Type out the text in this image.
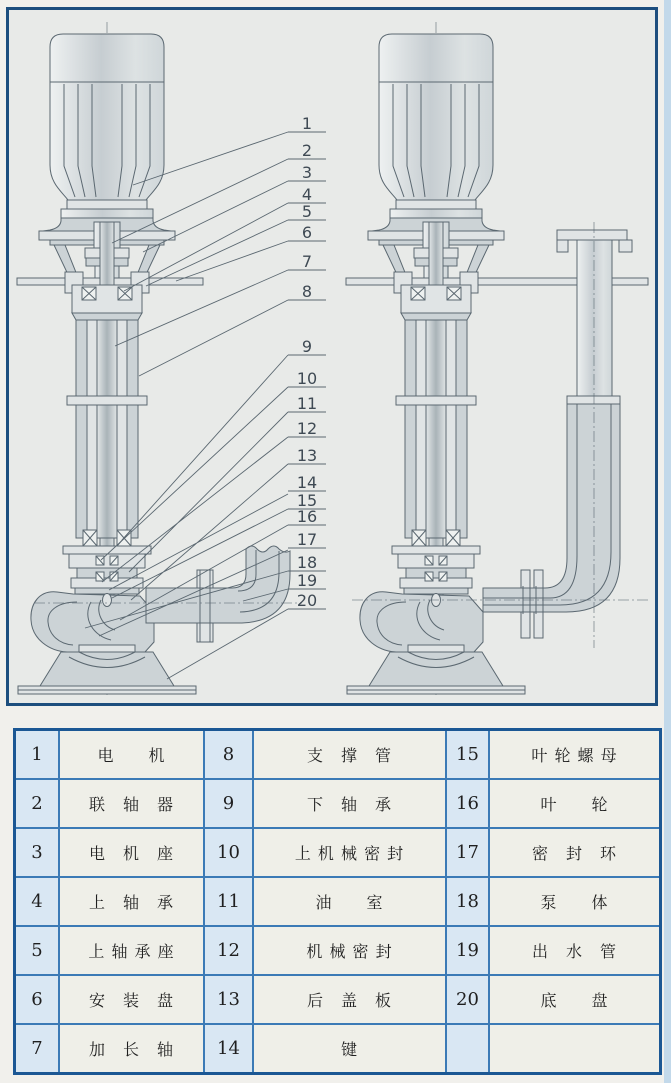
1
2
3
4
5
6
7
8
9
10
11
12
13
14
15
16
17
18
19
20
1	电　　机	8	支　撑　管	15	叶 轮 螺 母
2	联　轴　器	9	下　轴　承	16	叶　　轮
3	电　机　座	10	上 机 械 密 封	17	密　封　环
4	上　轴　承	11	油　　室	18	泵　　体
5	上 轴 承 座	12	机 械 密 封	19	出　水　管
6	安　装　盘	13	后　盖　板	20	底　　盘
7	加　长　轴	14	键
